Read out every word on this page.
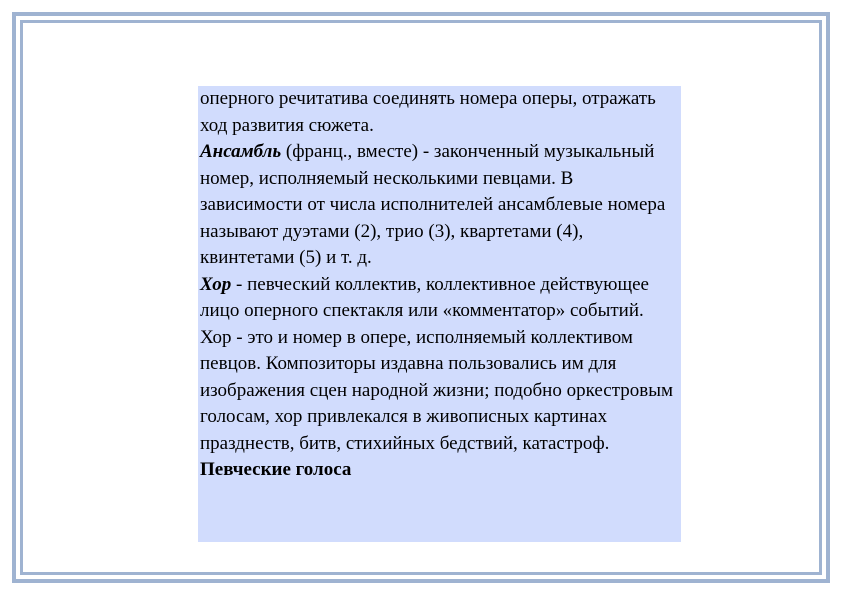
оперного речитатива соединять номера оперы, отражать ход развития сюжета.

Ансамбль (франц., вместе) - законченный музыкальный номер, исполняемый несколькими певцами. В зависимости от числа исполнителей ансамблевые номера называют дуэтами (2), трио (3), квартетами (4), квинтетами (5) и т. д.

Хор - певческий коллектив, коллективное действующее лицо оперного спектакля или «комментатор» событий. Хор - это и номер в опере, исполняемый коллективом певцов. Композиторы издавна пользовались им для изображения сцен народной жизни; подобно оркестровым голосам, хор привлекался в живописных картинах празднеств, битв, стихийных бедствий, катастроф.

Певческие голоса
